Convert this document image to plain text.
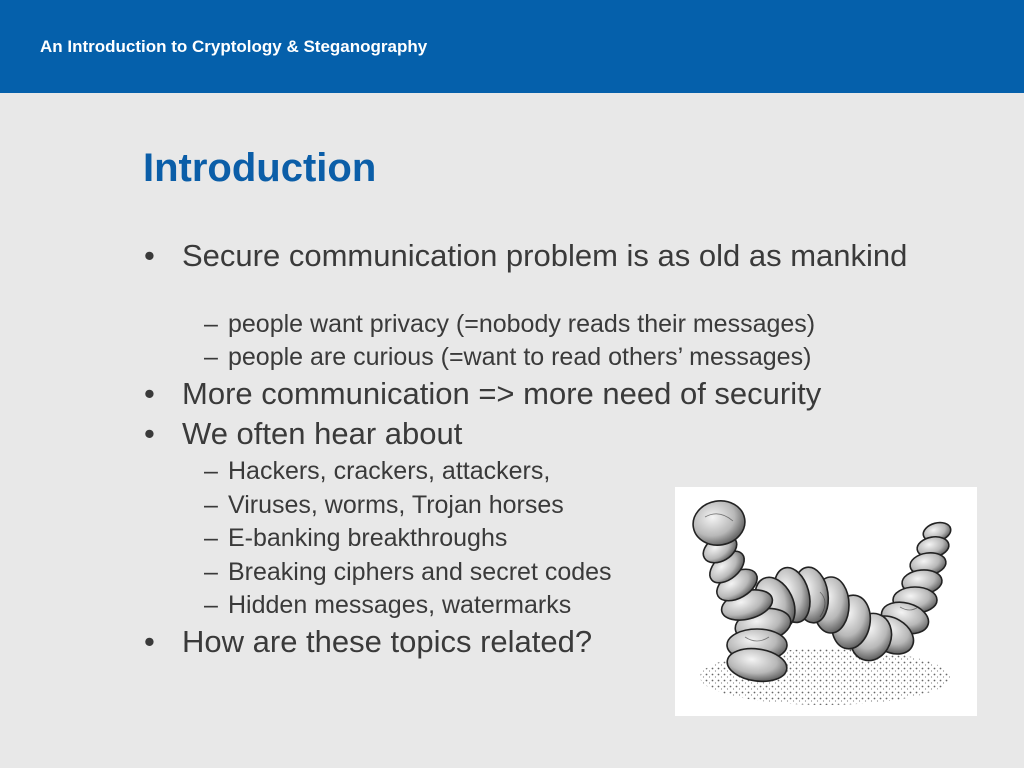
An Introduction to Cryptology & Steganography
Introduction
• Secure communication problem is as old as mankind
– people want privacy (=nobody reads their messages)
– people are curious (=want to read others’ messages)
• More communication => more need of security
• We often hear about
– Hackers, crackers, attackers,
– Viruses, worms, Trojan horses
– E-banking breakthroughs
– Breaking ciphers and secret codes
– Hidden messages, watermarks
• How are these topics related?
